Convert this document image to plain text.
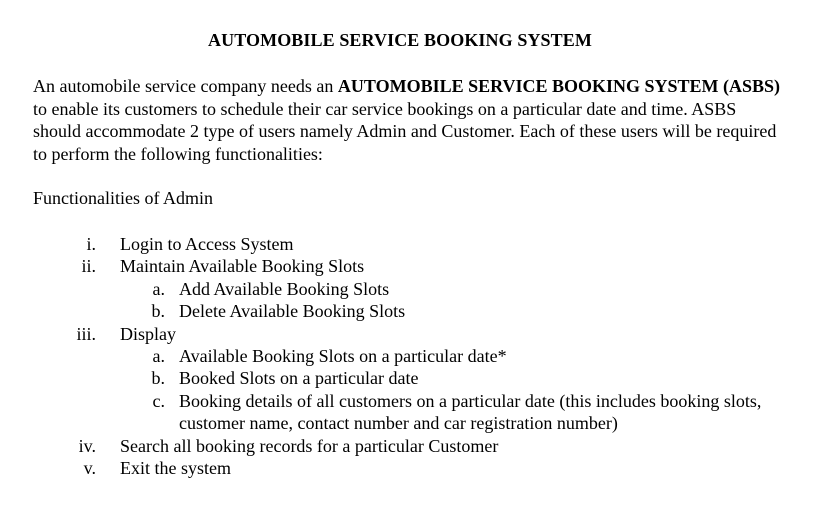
AUTOMOBILE SERVICE BOOKING SYSTEM
An automobile service company needs an AUTOMOBILE SERVICE BOOKING SYSTEM (ASBS) to enable its customers to schedule their car service bookings on a particular date and time. ASBS should accommodate 2 type of users namely Admin and Customer. Each of these users will be required to perform the following functionalities:
Functionalities of Admin
i. Login to Access System
ii. Maintain Available Booking Slots
a. Add Available Booking Slots
b. Delete Available Booking Slots
iii. Display
a. Available Booking Slots on a particular date*
b. Booked Slots on a particular date
c. Booking details of all customers on a particular date (this includes booking slots, customer name, contact number and car registration number)
iv. Search all booking records for a particular Customer
v. Exit the system
